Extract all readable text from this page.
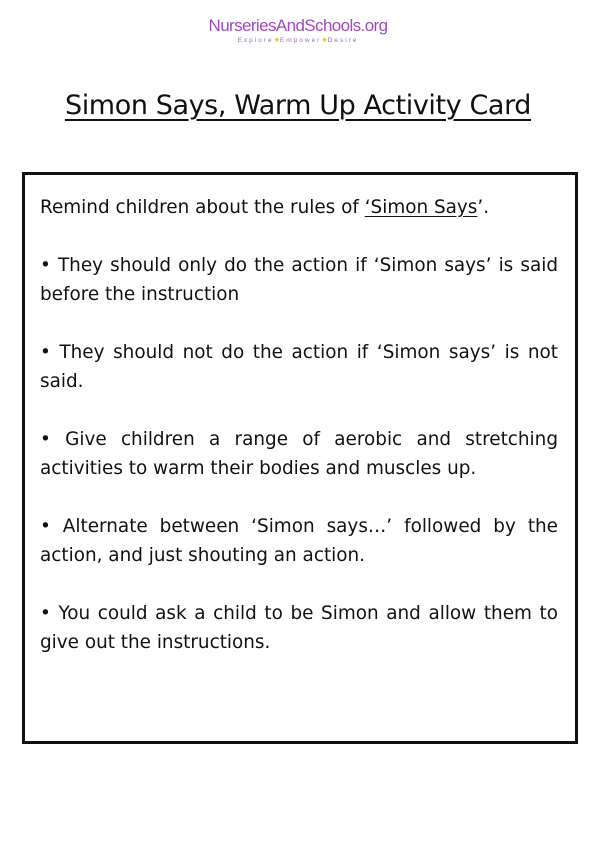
NurseriesAndSchools.org
Explore★Empower★Desire
Simon Says, Warm Up Activity Card

Remind children about the rules of ‘Simon Says’.

• They should only do the action if ‘Simon says’ is said before the instruction

• They should not do the action if ‘Simon says’ is not said.

• Give children a range of aerobic and stretching activities to warm their bodies and muscles up.

• Alternate between ‘Simon says…’ followed by the action, and just shouting an action.

• You could ask a child to be Simon and allow them to give out the instructions.
